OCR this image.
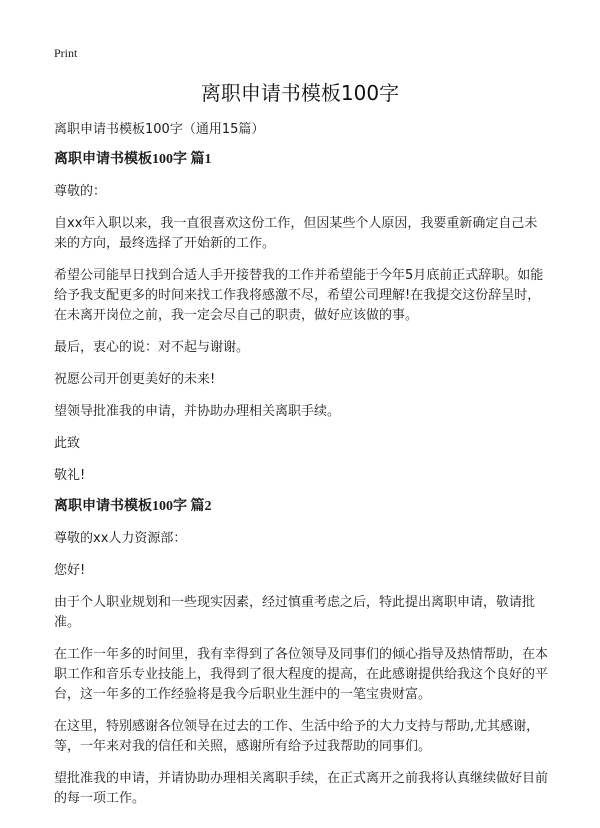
Print
离职申请书模板100字
离职申请书模板100字（通用15篇）
离职申请书模板100字 篇1

尊敬的：

自xx年入职以来，我一直很喜欢这份工作，但因某些个人原因，我要重新确定自己未来的方向，最终选择了开始新的工作。

希望公司能早日找到合适人手开接替我的工作并希望能于今年5月底前正式辞职。如能给予我支配更多的时间来找工作我将感激不尽，希望公司理解!在我提交这份辞呈时，在未离开岗位之前，我一定会尽自己的职责，做好应该做的事。

最后，衷心的说：对不起与谢谢。

祝愿公司开创更美好的未来!

望领导批准我的申请，并协助办理相关离职手续。

此致

敬礼!

离职申请书模板100字 篇2

尊敬的xx人力资源部：

您好!

由于个人职业规划和一些现实因素，经过慎重考虑之后，特此提出离职申请，敬请批准。

在工作一年多的时间里，我有幸得到了各位领导及同事们的倾心指导及热情帮助，在本职工作和音乐专业技能上，我得到了很大程度的提高，在此感谢提供给我这个良好的平台，这一年多的工作经验将是我今后职业生涯中的一笔宝贵财富。

在这里，特别感谢各位领导在过去的工作、生活中给予的大力支持与帮助,尤其感谢，等，一年来对我的信任和关照，感谢所有给予过我帮助的同事们。

望批准我的申请，并请协助办理相关离职手续，在正式离开之前我将认真继续做好目前的每一项工作。
